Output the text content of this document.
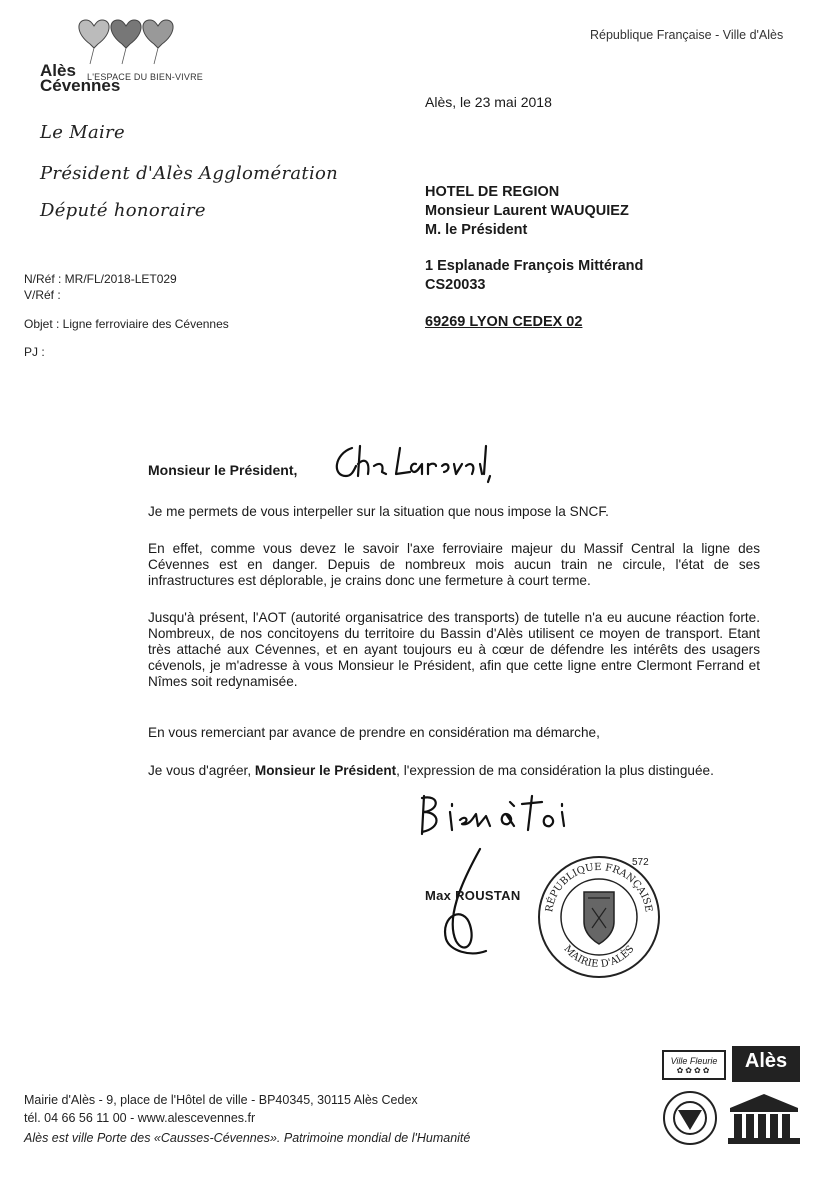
Alès
Cévennes
L'ESPACE DU BIEN-VIVRE
République Française - Ville d'Alès
Le Maire
Président d'Alès Agglomération
Député honoraire
Alès, le 23 mai 2018
HOTEL DE REGION
Monsieur Laurent WAUQUIEZ
M. le Président
1 Esplanade François Mittérand
CS20033
69269 LYON CEDEX 02
N/Réf : MR/FL/2018-LET029
V/Réf :
Objet : Ligne ferroviaire des Cévennes
PJ :
Monsieur le Président,
Je me permets de vous interpeller sur la situation que nous impose la SNCF.
En effet, comme vous devez le savoir l'axe ferroviaire majeur du Massif Central la ligne des Cévennes est en danger. Depuis de nombreux mois aucun train ne circule, l'état de ses infrastructures est déplorable, je crains donc une fermeture à court terme.
Jusqu'à présent, l'AOT (autorité organisatrice des transports) de tutelle n'a eu aucune réaction forte. Nombreux, de nos concitoyens du territoire du Bassin d'Alès utilisent ce moyen de transport. Etant très attaché aux Cévennes, et en ayant toujours eu à cœur de défendre les intérêts des usagers cévenols, je m'adresse à vous Monsieur le Président, afin que cette ligne entre Clermont Ferrand et Nîmes soit redynamisée.
En vous remerciant par avance de prendre en considération ma démarche,
Je vous d'agréer, Monsieur le Président, l'expression de ma considération la plus distinguée.
Max ROUSTAN
RÉPUBLIQUE FRANÇAISE
MAIRIE D'ALÈS
572
Mairie d'Alès - 9, place de l'Hôtel de ville - BP40345, 30115 Alès Cedex
tél. 04 66 56 11 00 - www.alescevennes.fr
Alès est ville Porte des «Causses-Cévennes». Patrimoine mondial de l'Humanité
Ville Fleurie
✿✿✿✿	Alès
